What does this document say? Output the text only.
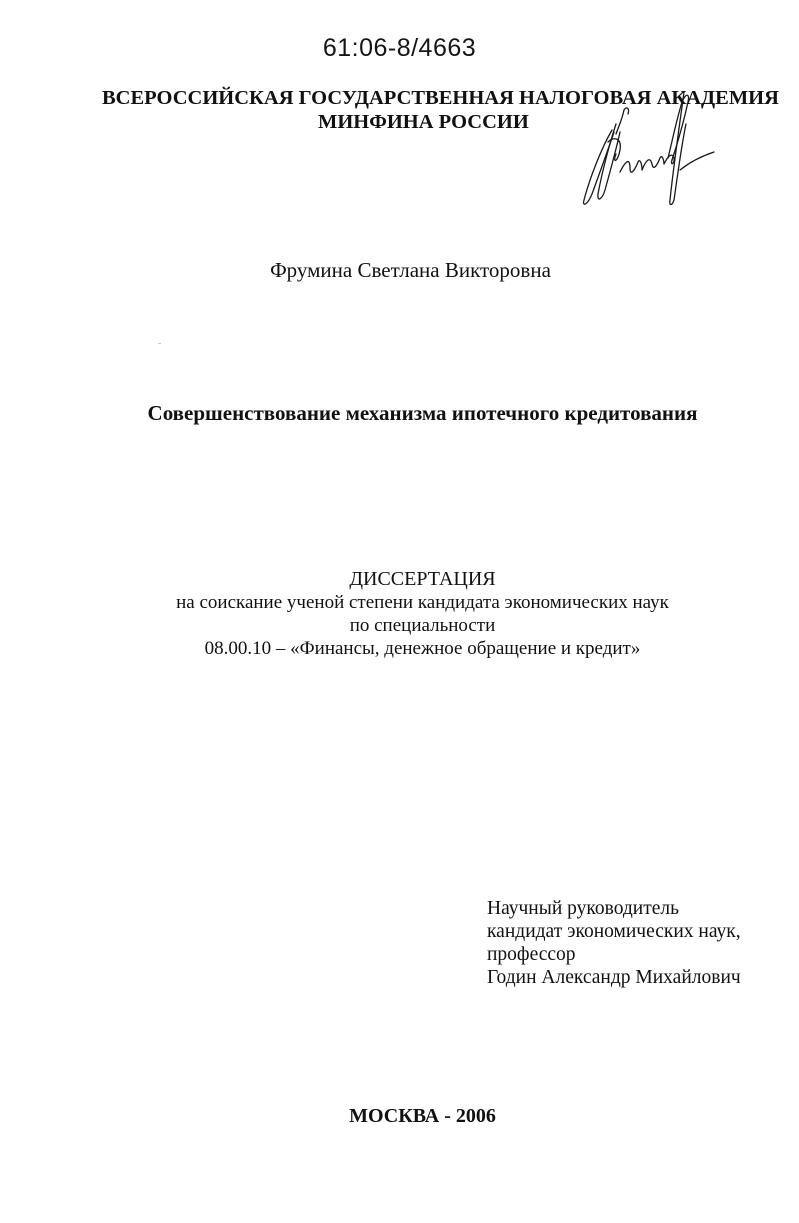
61:06-8/4663
ВСЕРОССИЙСКАЯ ГОСУДАРСТВЕННАЯ НАЛОГОВАЯ АКАДЕМИЯ
МИНФИНА РОССИИ
Фрумина Светлана Викторовна
Совершенствование механизма ипотечного кредитования
ДИССЕРТАЦИЯ
на соискание ученой степени кандидата экономических наук
по специальности
08.00.10 – «Финансы, денежное обращение и кредит»
Научный руководитель
кандидат экономических наук,
профессор
Годин Александр Михайлович
МОСКВА - 2006
